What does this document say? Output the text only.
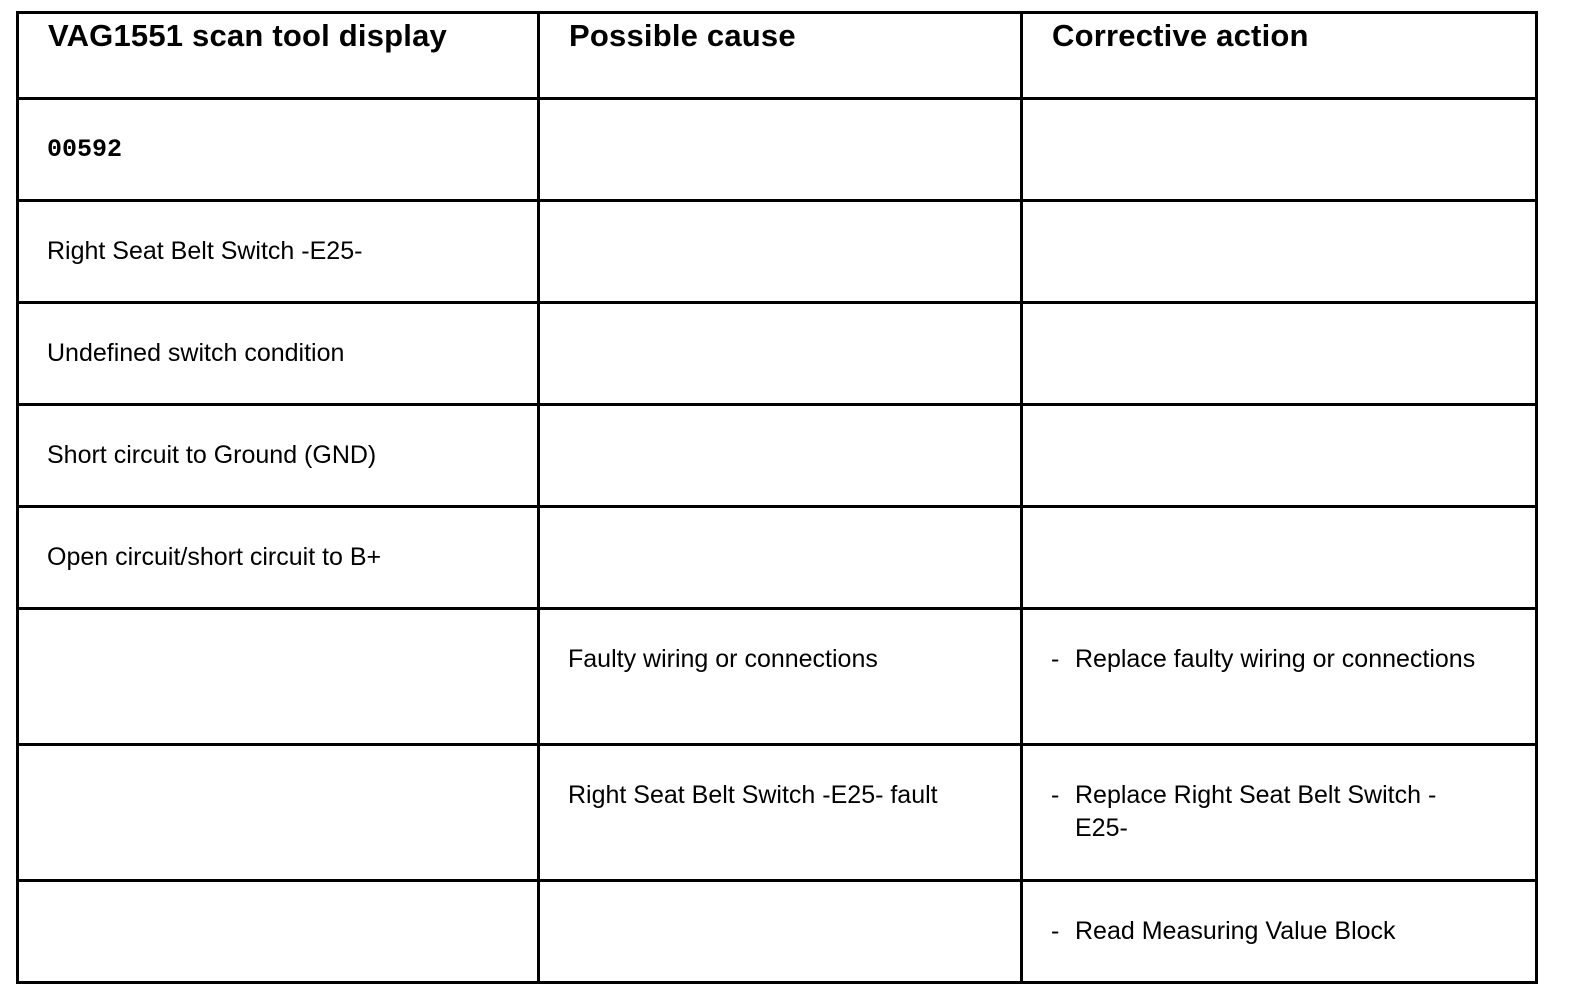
VAG1551 scan tool display	Possible cause	Corrective action

00592		

Right Seat Belt Switch -E25-		

Undefined switch condition		

Short circuit to Ground (GND)		

Open circuit/short circuit to B+		

	Faulty wiring or connections	- Replace faulty wiring or connections

	Right Seat Belt Switch -E25- fault	- Replace Right Seat Belt Switch - E25-

		- Read Measuring Value Block
